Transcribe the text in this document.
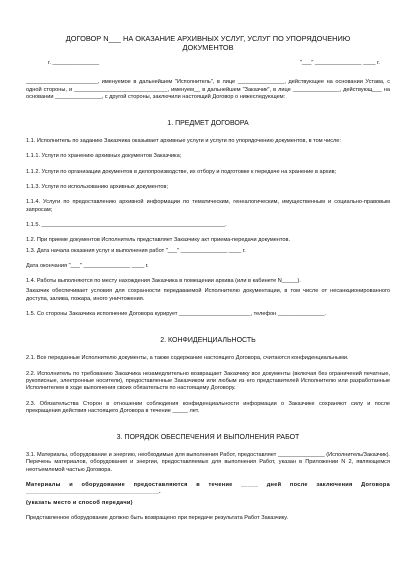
ДОГОВОР N___ НА ОКАЗАНИЕ АРХИВНЫХ УСЛУГ, УСЛУГ ПО УПОРЯДОЧЕНИЮ ДОКУМЕНТОВ
г. _______________	"___" _______________ ____ г.
_______________________, именуемое в дальнейшем "Исполнитель", в лице _______________, действующее на основании Устава, с одной стороны, и ______________________________, именуем__ в дальнейшем "Заказчик", в лице _______________, действующ___ на основании _______________, с другой стороны, заключили настоящий Договор о нижеследующем:
1. ПРЕДМЕТ ДОГОВОРА
1.1. Исполнитель по заданию Заказчика оказывает архивные услуги и услуги по упорядочению документов, в том числе:
1.1.1. Услуги по хранению архивных документов Заказчика;
1.1.2. Услуги по организации документов в делопроизводстве, их отбору и подготовке к передаче на хранение в архив;
1.1.3. Услуги по использованию архивных документов;
1.1.4. Услуги по предоставлению архивной информации по тематическим, генеалогическим, имущественным и социально-правовым запросам;
1.1.5. ___________________________________________________________.
1.2. При приеме документов Исполнитель представляет Заказчику акт приема-передачи документов.
1.3. Дата начала оказания услуг и выполнения работ "___" _______________ ____ г.
Дата окончания "___" _______________ ____ г.
1.4. Работы выполняются по месту нахождения Заказчика в помещении архива (или в кабинете N_____).
Заказчик обеспечивает условия для сохранности передаваемой Исполнителю документации, в том числе от несанкционированного доступа, залива, пожара, иного уничтожения.
1.5. Со стороны Заказчика исполнение Договора курирует _______________________, телефон _______________.
2. КОНФИДЕНЦИАЛЬНОСТЬ
2.1. Все переданные Исполнителю документы, а также содержание настоящего Договора, считаются конфиденциальными.
2.2. Исполнитель по требованию Заказчика незамедлительно возвращает Заказчику все документы (включая без ограничений печатные, рукописные, электронные носители), предоставленные Заказчиком или любым из его представителей Исполнителю или разработанные Исполнителем в ходе выполнения своих обязательств по настоящему Договору.
2.3. Обязательства Сторон в отношении соблюдения конфиденциальности информации о Заказчике сохраняют силу и после прекращения действия настоящего Договора в течение _____ лет.
3. ПОРЯДОК ОБЕСПЕЧЕНИЯ И ВЫПОЛНЕНИЯ РАБОТ
3.1. Материалы, оборудование и энергию, необходимые для выполнения Работ, предоставляет _______________ (Исполнитель/Заказчик). Перечень материалов, оборудования и энергии, предоставляемых для выполнения Работ, указан в Приложении N 2, являющемся неотъемлемой частью Договора.
Материалы и оборудование предоставляются в течение _____ дней после заключения Договора _______________________________________.
(указать место и способ передачи)
Представленное оборудование должно быть возвращено при передаче результата Работ Заказчику.
